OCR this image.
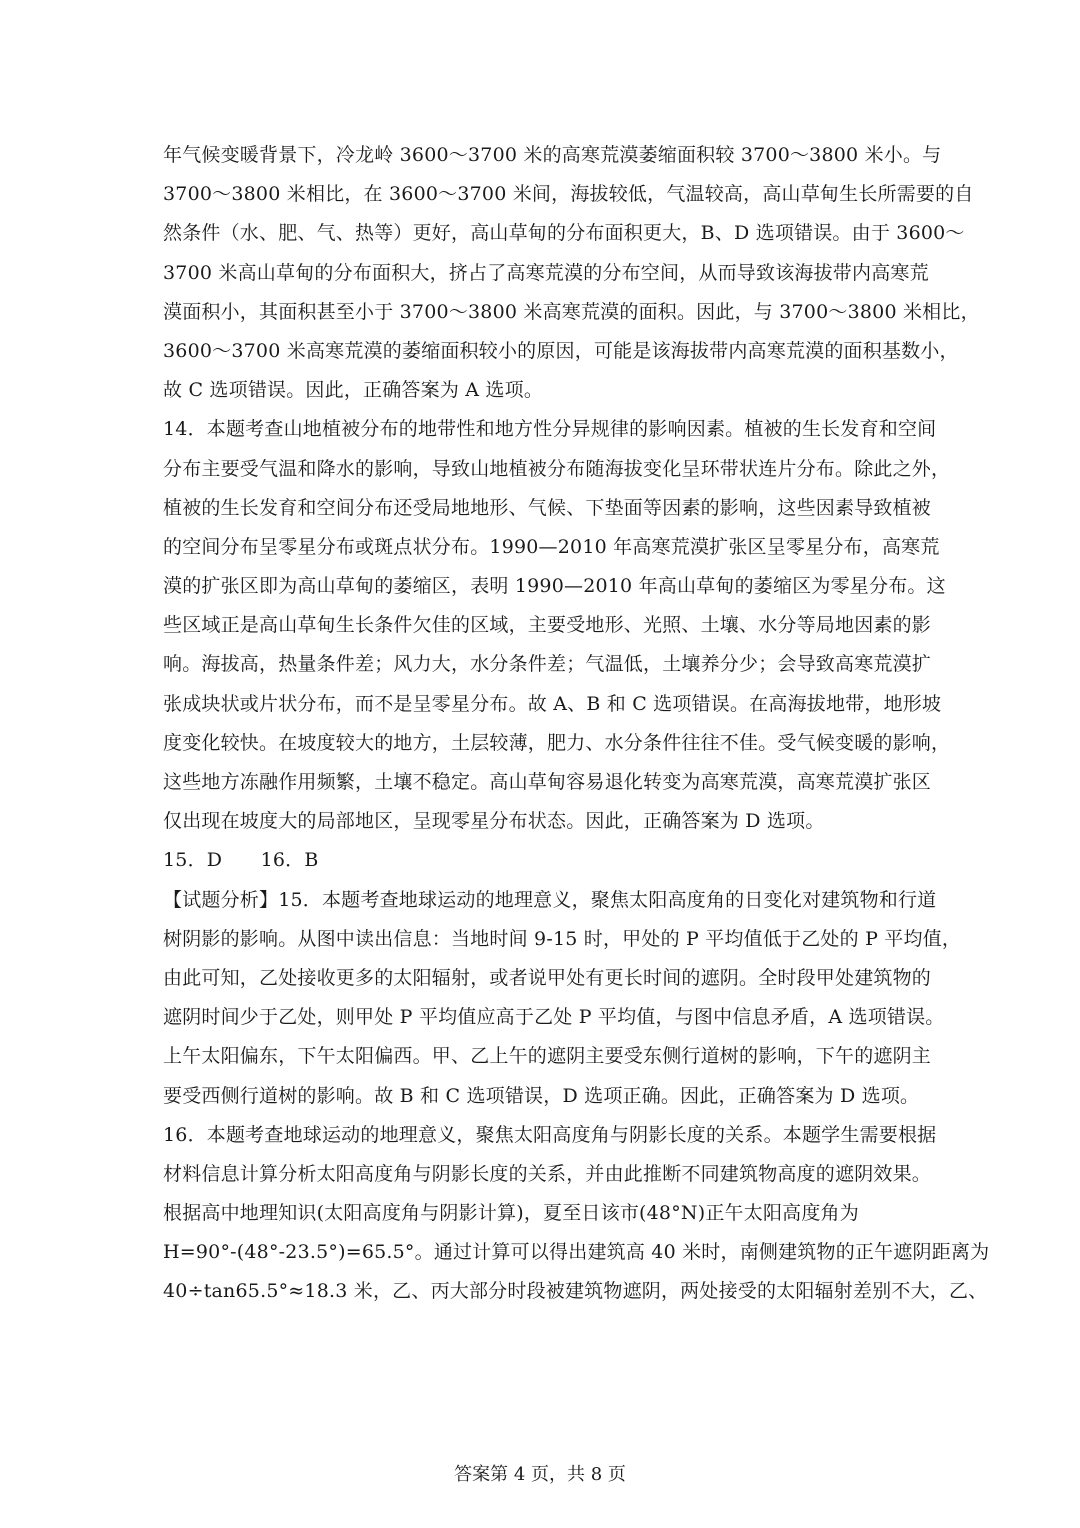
年气候变暖背景下，冷龙岭 3600～3700 米的高寒荒漠萎缩面积较 3700～3800 米小。与
3700～3800 米相比，在 3600～3700 米间，海拔较低，气温较高，高山草甸生长所需要的自
然条件（水、肥、气、热等）更好，高山草甸的分布面积更大，B、D 选项错误。由于 3600～
3700 米高山草甸的分布面积大，挤占了高寒荒漠的分布空间，从而导致该海拔带内高寒荒
漠面积小，其面积甚至小于 3700～3800 米高寒荒漠的面积。因此，与 3700～3800 米相比，
3600～3700 米高寒荒漠的萎缩面积较小的原因，可能是该海拔带内高寒荒漠的面积基数小，
故 C 选项错误。因此，正确答案为 A 选项。
14．本题考查山地植被分布的地带性和地方性分异规律的影响因素。植被的生长发育和空间
分布主要受气温和降水的影响，导致山地植被分布随海拔变化呈环带状连片分布。除此之外，
植被的生长发育和空间分布还受局地地形、气候、下垫面等因素的影响，这些因素导致植被
的空间分布呈零星分布或斑点状分布。1990—2010 年高寒荒漠扩张区呈零星分布，高寒荒
漠的扩张区即为高山草甸的萎缩区，表明 1990—2010 年高山草甸的萎缩区为零星分布。这
些区域正是高山草甸生长条件欠佳的区域，主要受地形、光照、土壤、水分等局地因素的影
响。海拔高，热量条件差；风力大，水分条件差；气温低，土壤养分少；会导致高寒荒漠扩
张成块状或片状分布，而不是呈零星分布。故 A、B 和 C 选项错误。在高海拔地带，地形坡
度变化较快。在坡度较大的地方，土层较薄，肥力、水分条件往往不佳。受气候变暖的影响，
这些地方冻融作用频繁，土壤不稳定。高山草甸容易退化转变为高寒荒漠，高寒荒漠扩张区
仅出现在坡度大的局部地区，呈现零星分布状态。因此，正确答案为 D 选项。
15．D　　16．B
【试题分析】15．本题考查地球运动的地理意义，聚焦太阳高度角的日变化对建筑物和行道
树阴影的影响。从图中读出信息：当地时间 9-15 时，甲处的 P 平均值低于乙处的 P 平均值，
由此可知，乙处接收更多的太阳辐射，或者说甲处有更长时间的遮阴。全时段甲处建筑物的
遮阴时间少于乙处，则甲处 P 平均值应高于乙处 P 平均值，与图中信息矛盾，A 选项错误。
上午太阳偏东，下午太阳偏西。甲、乙上午的遮阴主要受东侧行道树的影响，下午的遮阴主
要受西侧行道树的影响。故 B 和 C 选项错误，D 选项正确。因此，正确答案为 D 选项。
16．本题考查地球运动的地理意义，聚焦太阳高度角与阴影长度的关系。本题学生需要根据
材料信息计算分析太阳高度角与阴影长度的关系，并由此推断不同建筑物高度的遮阴效果。
根据高中地理知识(太阳高度角与阴影计算)，夏至日该市(48°N)正午太阳高度角为
H=90°-(48°-23.5°)=65.5°。通过计算可以得出建筑高 40 米时，南侧建筑物的正午遮阴距离为
40÷tan65.5°≈18.3 米，乙、丙大部分时段被建筑物遮阴，两处接受的太阳辐射差别不大，乙、
答案第 4 页，共 8 页
